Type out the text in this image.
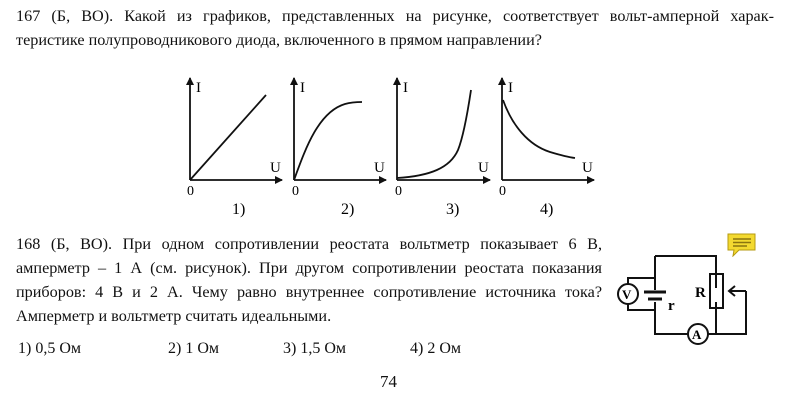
167 (Б, ВО). Какой из графиков, представленных на рисунке, соответствует вольт-амперной харак-
теристике полупроводникового диода, включенного в прямом направлении?
I
U
0
1)
I
U
0
2)
I
U
0
3)
I
U
0
4)
V
A
r
R
168 (Б, ВО). При одном сопротивлении реостата вольтметр показывает 6 В,
амперметр – 1 А (см. рисунок). При другом сопротивлении реостата показания
приборов: 4 В и 2 А. Чему равно внутреннее сопротивление источника тока?
Амперметр и вольтметр считать идеальными.
1) 0,5 Ом	2) 1 Ом	3) 1,5 Ом	4) 2 Ом
74
